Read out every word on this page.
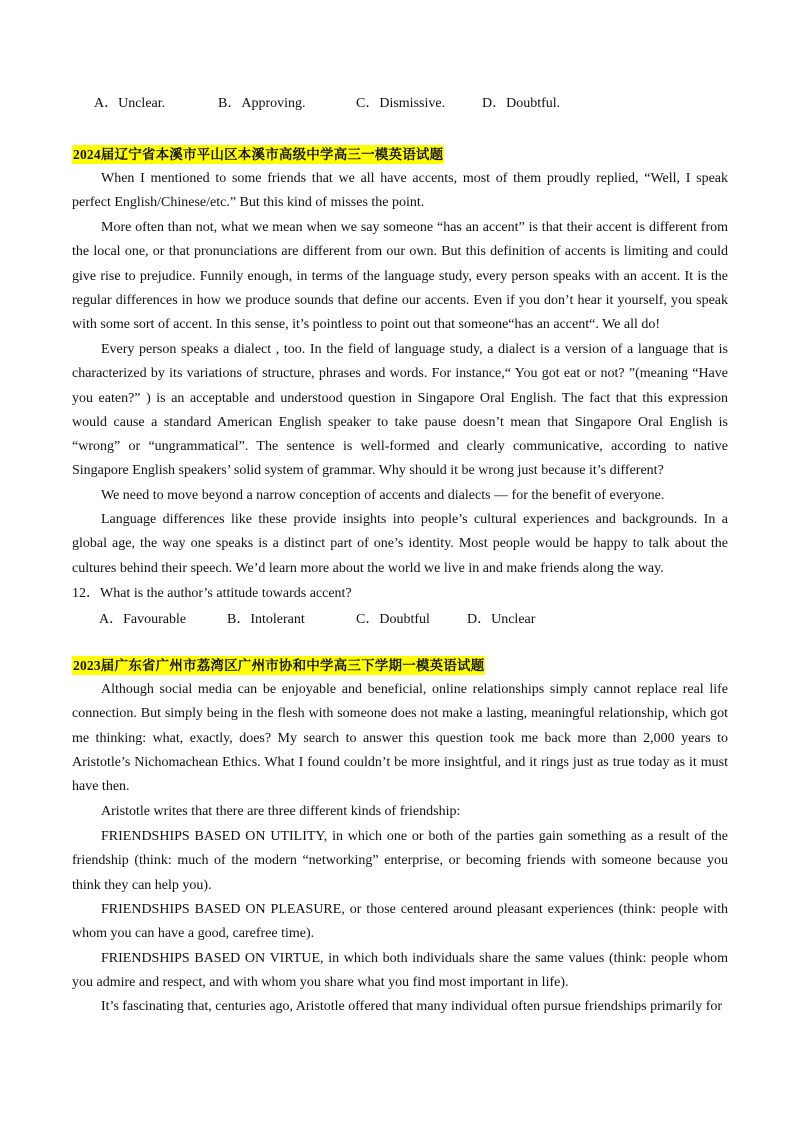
A．Unclear.	B．Approving.	C．Dismissive.	D．Doubtful.
2024届辽宁省本溪市平山区本溪市高级中学高三一模英语试题

When I mentioned to some friends that we all have accents, most of them proudly replied, “Well, I speak perfect English/Chinese/etc.” But this kind of misses the point.

More often than not, what we mean when we say someone “has an accent” is that their accent is different from the local one, or that pronunciations are different from our own. But this definition of accents is limiting and could give rise to prejudice. Funnily enough, in terms of the language study, every person speaks with an accent. It is the regular differences in how we produce sounds that define our accents. Even if you don’t hear it yourself, you speak with some sort of accent. In this sense, it’s pointless to point out that someone“has an accent“. We all do!

Every person speaks a dialect , too. In the field of language study, a dialect is a version of a language that is characterized by its variations of structure, phrases and words. For instance,“ You got eat or not? ”(meaning “Have you eaten?” ) is an acceptable and understood question in Singapore Oral English. The fact that this expression would cause a standard American English speaker to take pause doesn’t mean that Singapore Oral English is “wrong” or “ungrammatical”. The sentence is well-formed and clearly communicative, according to native Singapore English speakers’ solid system of grammar. Why should it be wrong just because it’s different?

We need to move beyond a narrow conception of accents and dialects — for the benefit of everyone.

Language differences like these provide insights into people’s cultural experiences and backgrounds. In a global age, the way one speaks is a distinct part of one’s identity. Most people would be happy to talk about the cultures behind their speech. We’d learn more about the world we live in and make friends along the way.

12．What is the author’s attitude towards accent?
A．Favourable	B．Intolerant	C．Doubtful	D．Unclear
2023届广东省广州市荔湾区广州市协和中学高三下学期一模英语试题

Although social media can be enjoyable and beneficial, online relationships simply cannot replace real life connection. But simply being in the flesh with someone does not make a lasting, meaningful relationship, which got me thinking: what, exactly, does? My search to answer this question took me back more than 2,000 years to Aristotle’s Nichomachean Ethics. What I found couldn’t be more insightful, and it rings just as true today as it must have then.

Aristotle writes that there are three different kinds of friendship:

FRIENDSHIPS BASED ON UTILITY, in which one or both of the parties gain something as a result of the friendship (think: much of the modern “networking” enterprise, or becoming friends with someone because you think they can help you).

FRIENDSHIPS BASED ON PLEASURE, or those centered around pleasant experiences (think: people with whom you can have a good, carefree time).

FRIENDSHIPS BASED ON VIRTUE, in which both individuals share the same values (think: people whom you admire and respect, and with whom you share what you find most important in life).

It’s fascinating that, centuries ago, Aristotle offered that many individual often pursue friendships primarily for
